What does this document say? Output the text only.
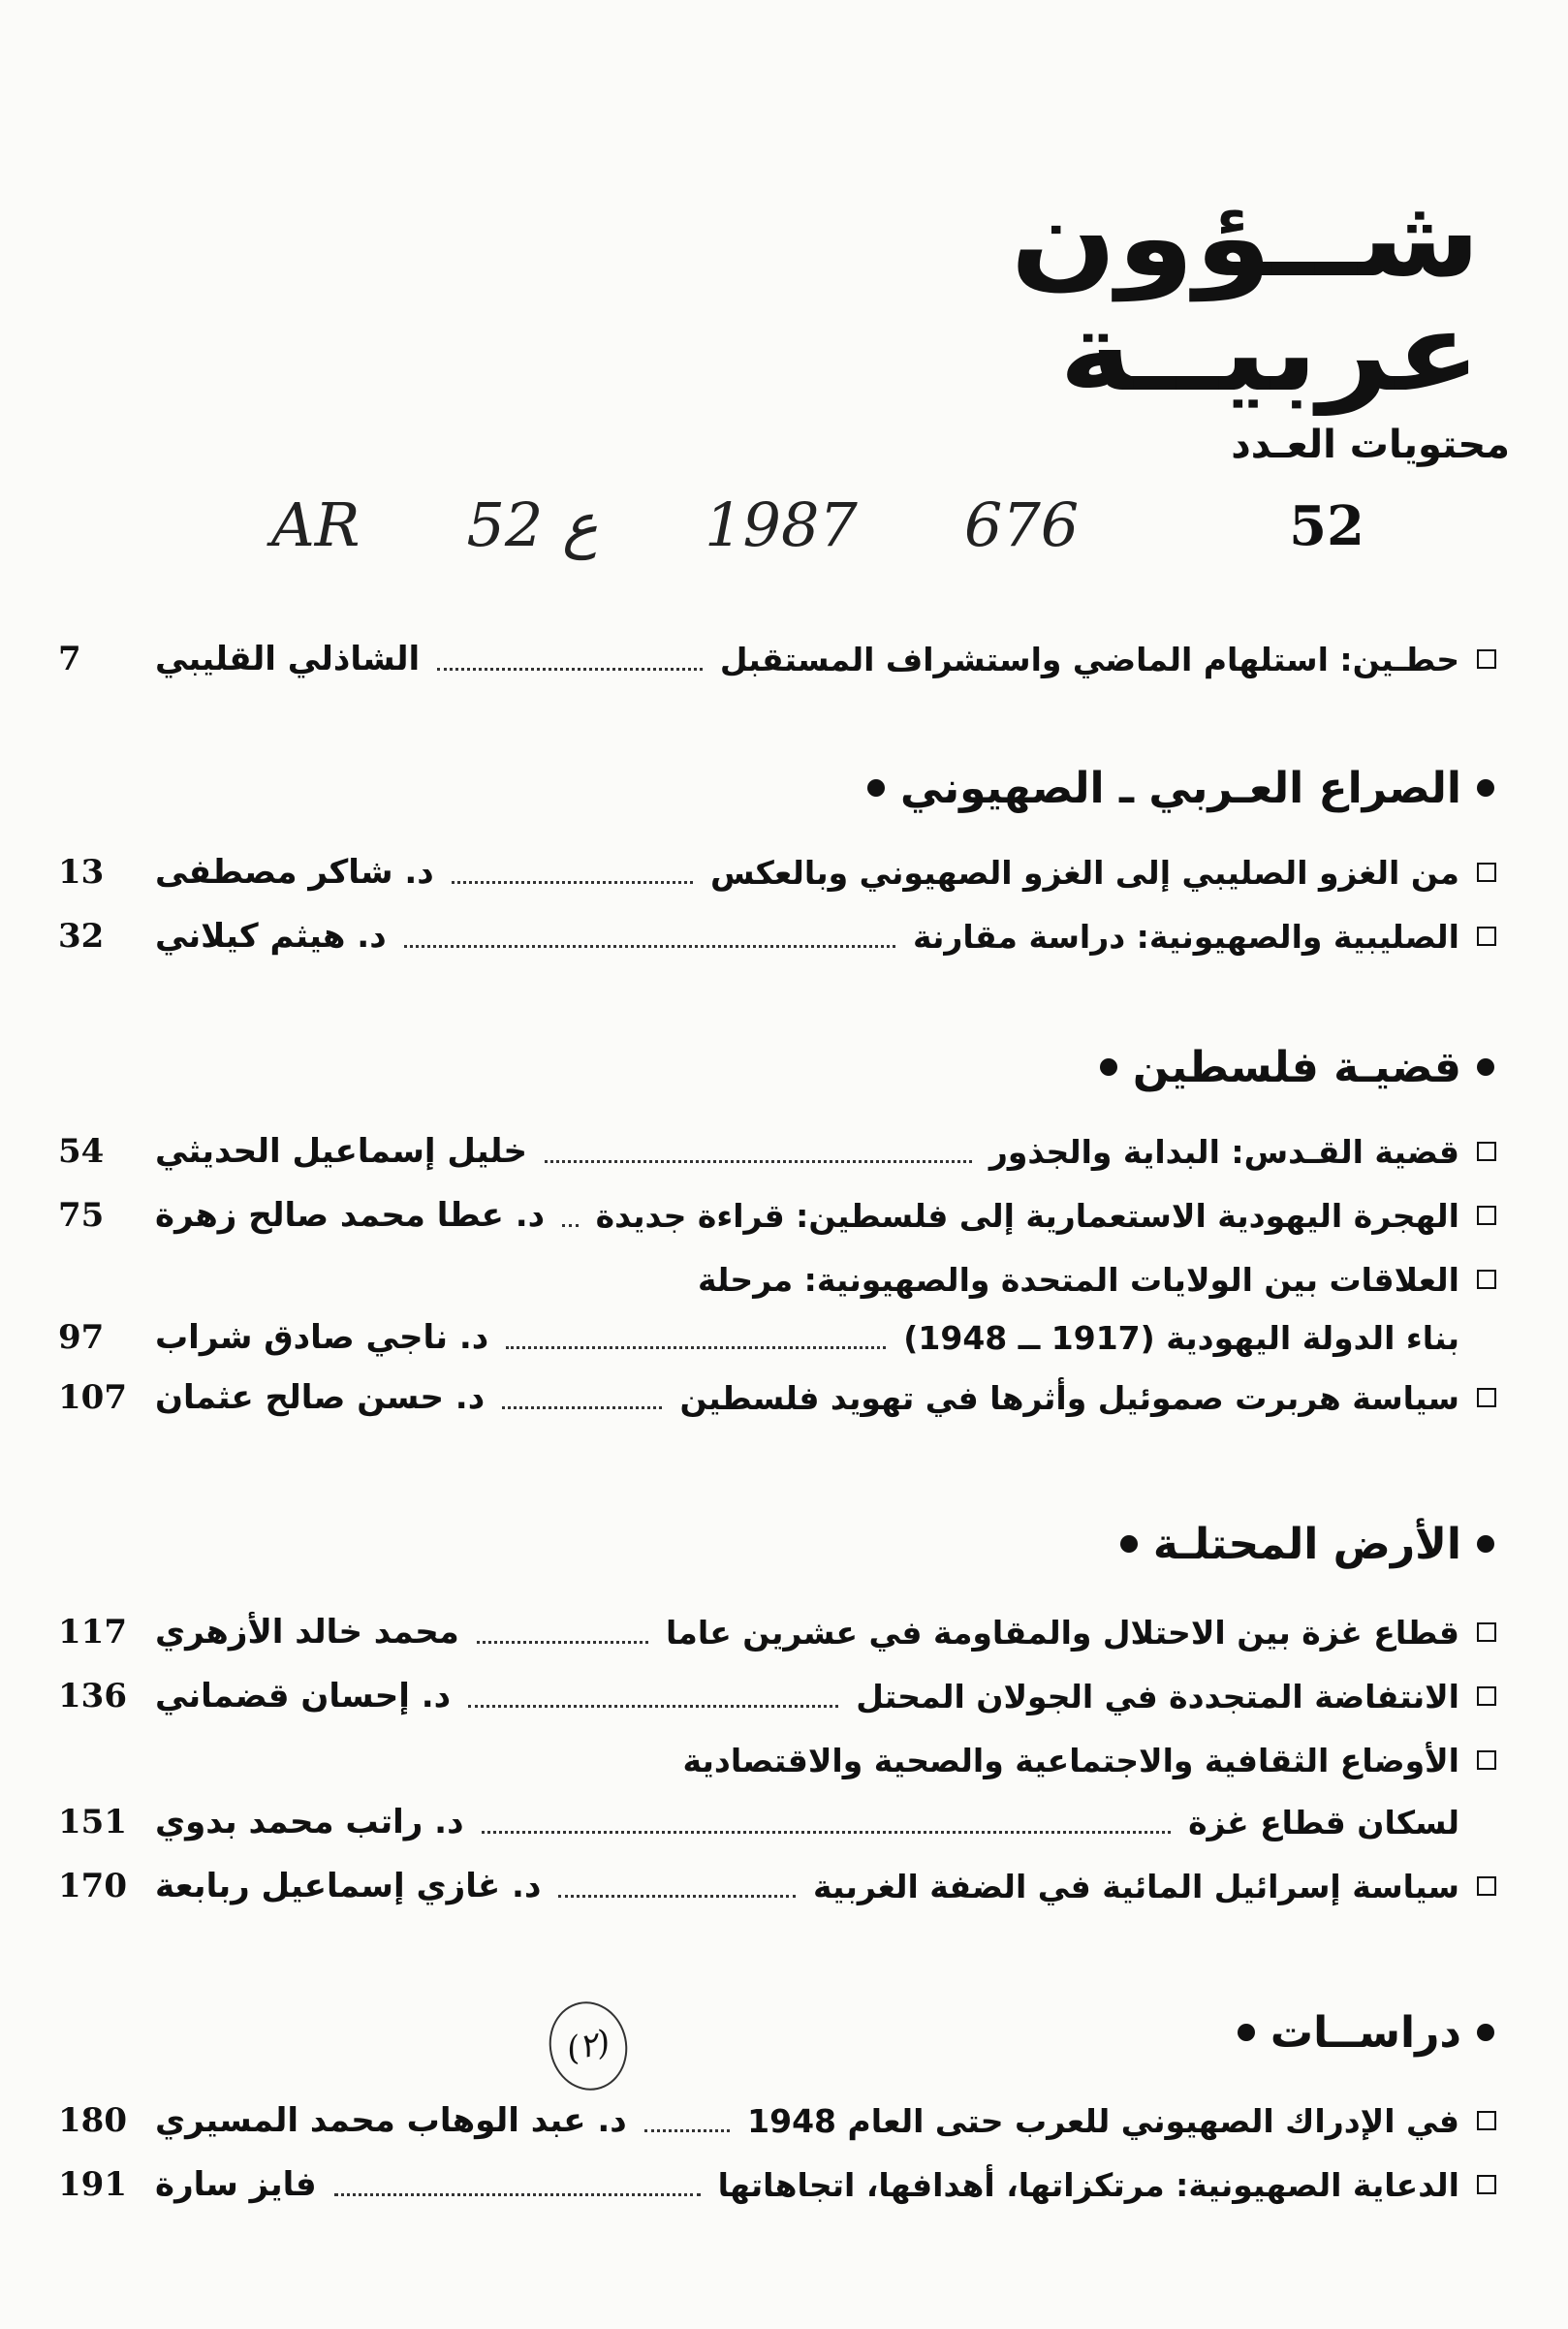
شــؤون
عربيــة
محتويات العـدد
52
AR 52 ع 1987 676
حطـين: استلهام الماضي واستشراف المستقبل
الشاذلي القليبي
7
الصراع العـربي ـ الصهيوني
من الغزو الصليبي إلى الغزو الصهيوني وبالعكس
د. شاكر مصطفى
13
الصليبية والصهيونية: دراسة مقارنة
د. هيثم كيلاني
32
قضيـة فلسطين
قضية القـدس: البداية والجذور
خليل إسماعيل الحديثي
54
الهجرة اليهودية الاستعمارية إلى فلسطين: قراءة جديدة
د. عطا محمد صالح زهرة
75
العلاقات بين الولايات المتحدة والصهيونية: مرحلة
بناء الدولة اليهودية (1917 ــ 1948)
د. ناجي صادق شراب
97
سياسة هربرت صموئيل وأثرها في تهويد فلسطين
د. حسن صالح عثمان
107
الأرض المحتلـة
قطاع غزة بين الاحتلال والمقاومة في عشرين عاما
محمد خالد الأزهري
117
الانتفاضة المتجددة في الجولان المحتل
د. إحسان قضماني
136
الأوضاع الثقافية والاجتماعية والصحية والاقتصادية
لسكان قطاع غزة
د. راتب محمد بدوي
151
سياسة إسرائيل المائية في الضفة الغربية
د. غازي إسماعيل ربابعة
170
دراســات
في الإدراك الصهيوني للعرب حتى العام 1948
د. عبد الوهاب محمد المسيري
180
الدعاية الصهيونية: مرتكزاتها، أهدافها، اتجاهاتها
فايز سارة
191
(٢)
